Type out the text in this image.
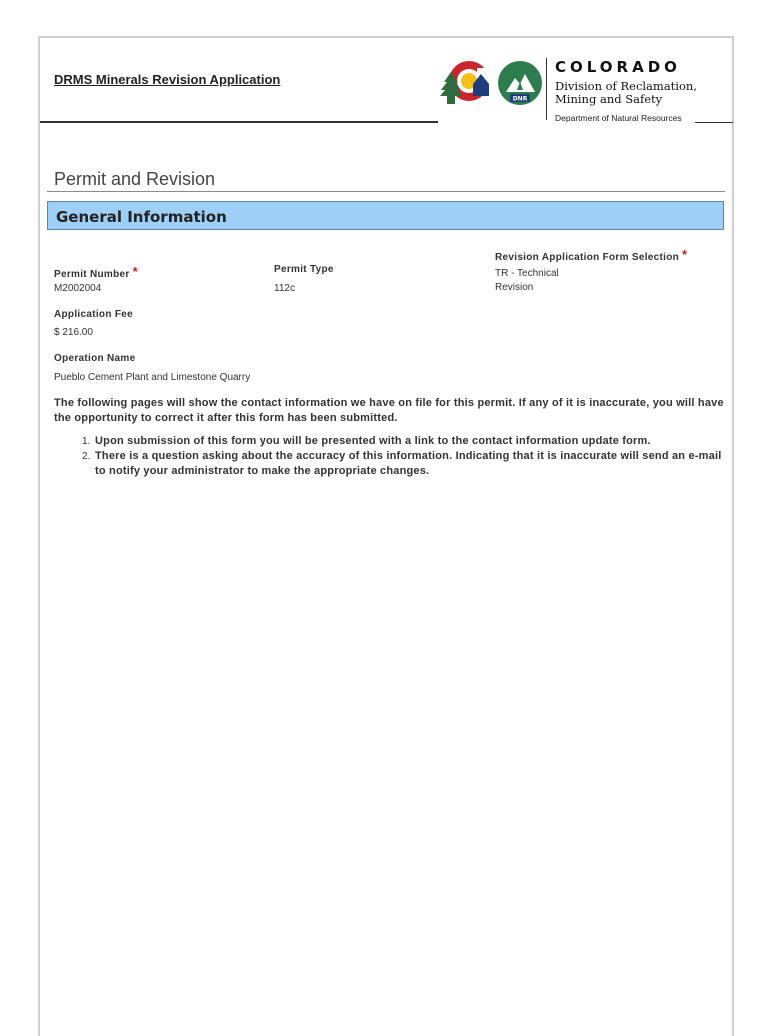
DRMS Minerals Revision Application
DNR
COLORADO
Division of Reclamation, Mining and Safety
Department of Natural Resources
Permit and Revision
General Information
Permit Number *
M2002004
Permit Type
112c
Revision Application Form Selection *
TR - Technical Revision
Application Fee
$ 216.00
Operation Name
Pueblo Cement Plant and Limestone Quarry
The following pages will show the contact information we have on file for this permit. If any of it is inaccurate, you will have the opportunity to correct it after this form has been submitted.
1. Upon submission of this form you will be presented with a link to the contact information update form.
2. There is a question asking about the accuracy of this information. Indicating that it is inaccurate will send an e-mail to notify your administrator to make the appropriate changes.
